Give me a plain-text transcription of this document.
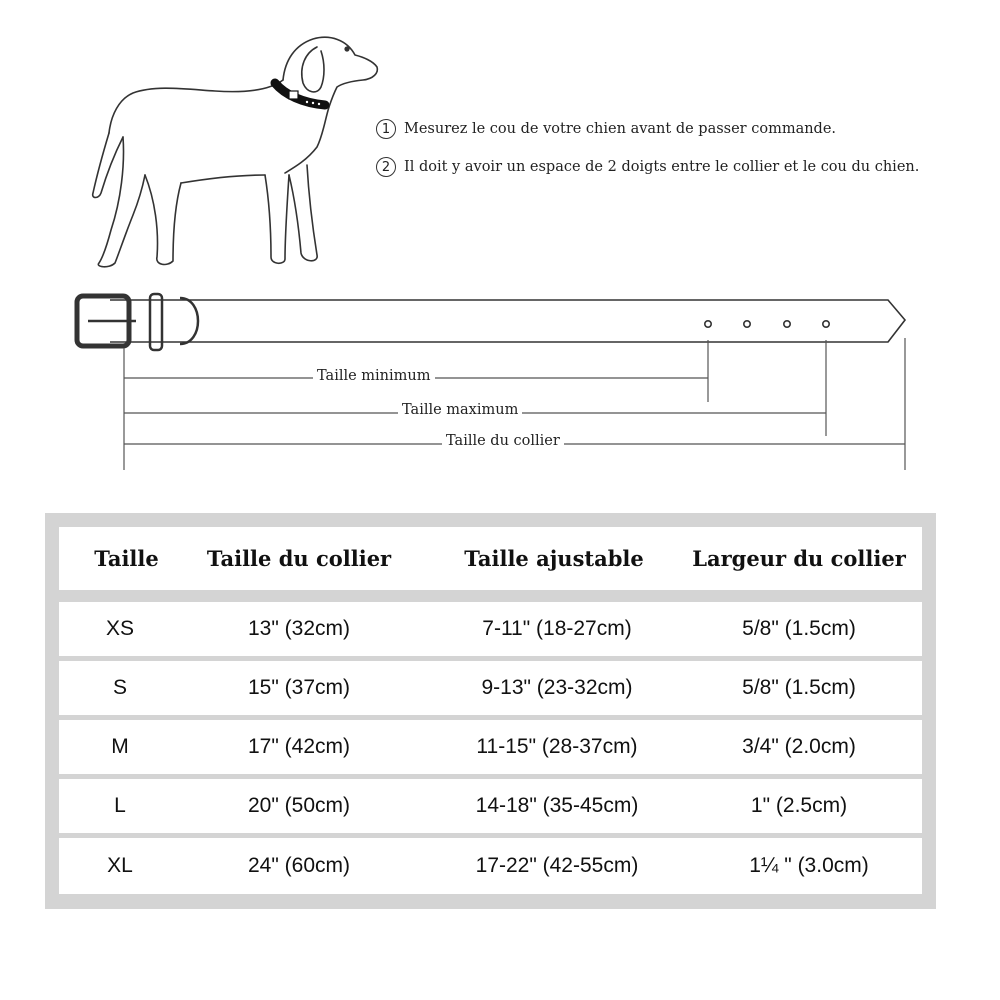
1 Mesurez le cou de votre chien avant de passer commande.
2 Il doit y avoir un espace de 2 doigts entre le collier et le cou du chien.
Taille minimum
Taille maximum
Taille du collier
Taille	Taille du collier	Taille ajustable	Largeur du collier
XS	13" (32cm)	7-11" (18-27cm)	5/8" (1.5cm)
S	15" (37cm)	9-13" (23-32cm)	5/8" (1.5cm)
M	17" (42cm)	11-15" (28-37cm)	3/4" (2.0cm)
L	20" (50cm)	14-18" (35-45cm)	1" (2.5cm)
XL	24" (60cm)	17-22" (42-55cm)	1¼ " (3.0cm)
